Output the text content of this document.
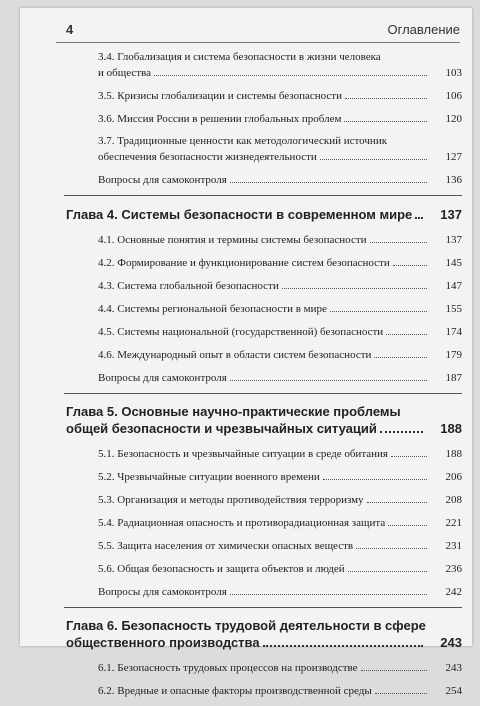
4	Оглавление
3.4. Глобализация и система безопасности в жизни человека
и общества	103
3.5. Кризисы глобализации и системы безопасности	106
3.6. Миссия России в решении глобальных проблем	120
3.7. Традиционные ценности как методологический источник
обеспечения безопасности жизнедеятельности	127
Вопросы для самоконтроля	136
Глава 4. Системы безопасности в современном мире	137
4.1. Основные понятия и термины системы безопасности	137
4.2. Формирование и функционирование систем безопасности	145
4.3. Система глобальной безопасности	147
4.4. Системы региональной безопасности в мире	155
4.5. Системы национальной (государственной) безопасности	174
4.6. Международный опыт в области систем безопасности	179
Вопросы для самоконтроля	187
Глава 5. Основные научно-практические проблемы
общей безопасности и чрезвычайных ситуаций	188
5.1. Безопасность и чрезвычайные ситуации в среде обитания	188
5.2. Чрезвычайные ситуации военного времени	206
5.3. Организация и методы противодействия терроризму	208
5.4. Радиационная опасность и противорадиационная защита	221
5.5. Защита населения от химически опасных веществ	231
5.6. Общая безопасность и защита объектов и людей	236
Вопросы для самоконтроля	242
Глава 6. Безопасность трудовой деятельности в сфере
общественного производства	243
6.1. Безопасность трудовых процессов на производстве	243
6.2. Вредные и опасные факторы производственной среды	254
